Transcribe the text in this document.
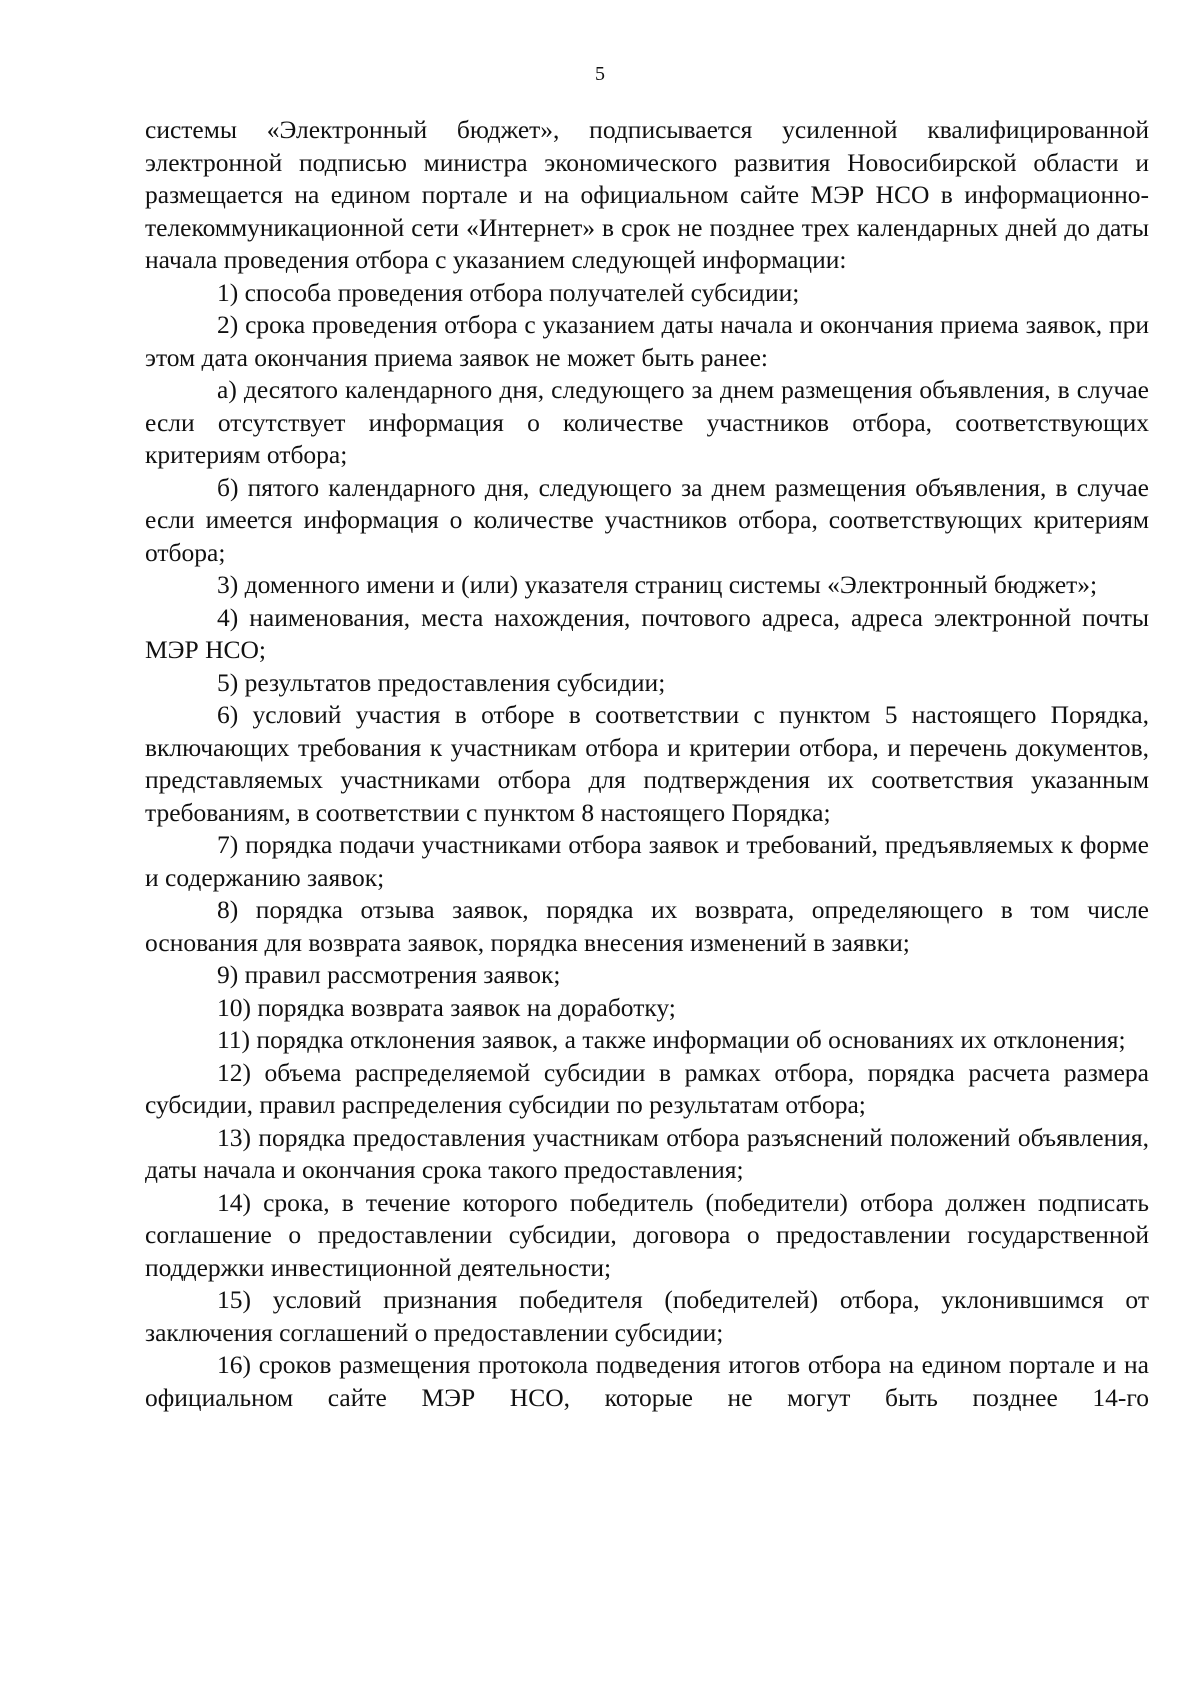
5

системы «Электронный бюджет», подписывается усиленной квалифицированной электронной подписью министра экономического развития Новосибирской области и размещается на едином портале и на официальном сайте МЭР НСО в информационно-телекоммуникационной сети «Интернет» в срок не позднее трех календарных дней до даты начала проведения отбора с указанием следующей информации:

1) способа проведения отбора получателей субсидии;

2) срока проведения отбора с указанием даты начала и окончания приема заявок, при этом дата окончания приема заявок не может быть ранее:

а) десятого календарного дня, следующего за днем размещения объявления, в случае если отсутствует информация о количестве участников отбора, соответствующих критериям отбора;

б) пятого календарного дня, следующего за днем размещения объявления, в случае если имеется информация о количестве участников отбора, соответствующих критериям отбора;

3) доменного имени и (или) указателя страниц системы «Электронный бюджет»;

4) наименования, места нахождения, почтового адреса, адреса электронной почты МЭР НСО;

5) результатов предоставления субсидии;

6) условий участия в отборе в соответствии с пунктом 5 настоящего Порядка, включающих требования к участникам отбора и критерии отбора, и перечень документов, представляемых участниками отбора для подтверждения их соответствия указанным требованиям, в соответствии с пунктом 8 настоящего Порядка;

7) порядка подачи участниками отбора заявок и требований, предъявляемых к форме и содержанию заявок;

8) порядка отзыва заявок, порядка их возврата, определяющего в том числе основания для возврата заявок, порядка внесения изменений в заявки;

9) правил рассмотрения заявок;

10) порядка возврата заявок на доработку;

11) порядка отклонения заявок, а также информации об основаниях их отклонения;

12) объема распределяемой субсидии в рамках отбора, порядка расчета размера субсидии, правил распределения субсидии по результатам отбора;

13) порядка предоставления участникам отбора разъяснений положений объявления, даты начала и окончания срока такого предоставления;

14) срока, в течение которого победитель (победители) отбора должен подписать соглашение о предоставлении субсидии, договора о предоставлении государственной поддержки инвестиционной деятельности;

15) условий признания победителя (победителей) отбора, уклонившимся от заключения соглашений о предоставлении субсидии;

16) сроков размещения протокола подведения итогов отбора на едином портале и на официальном сайте МЭР НСО, которые не могут быть позднее 14-го
